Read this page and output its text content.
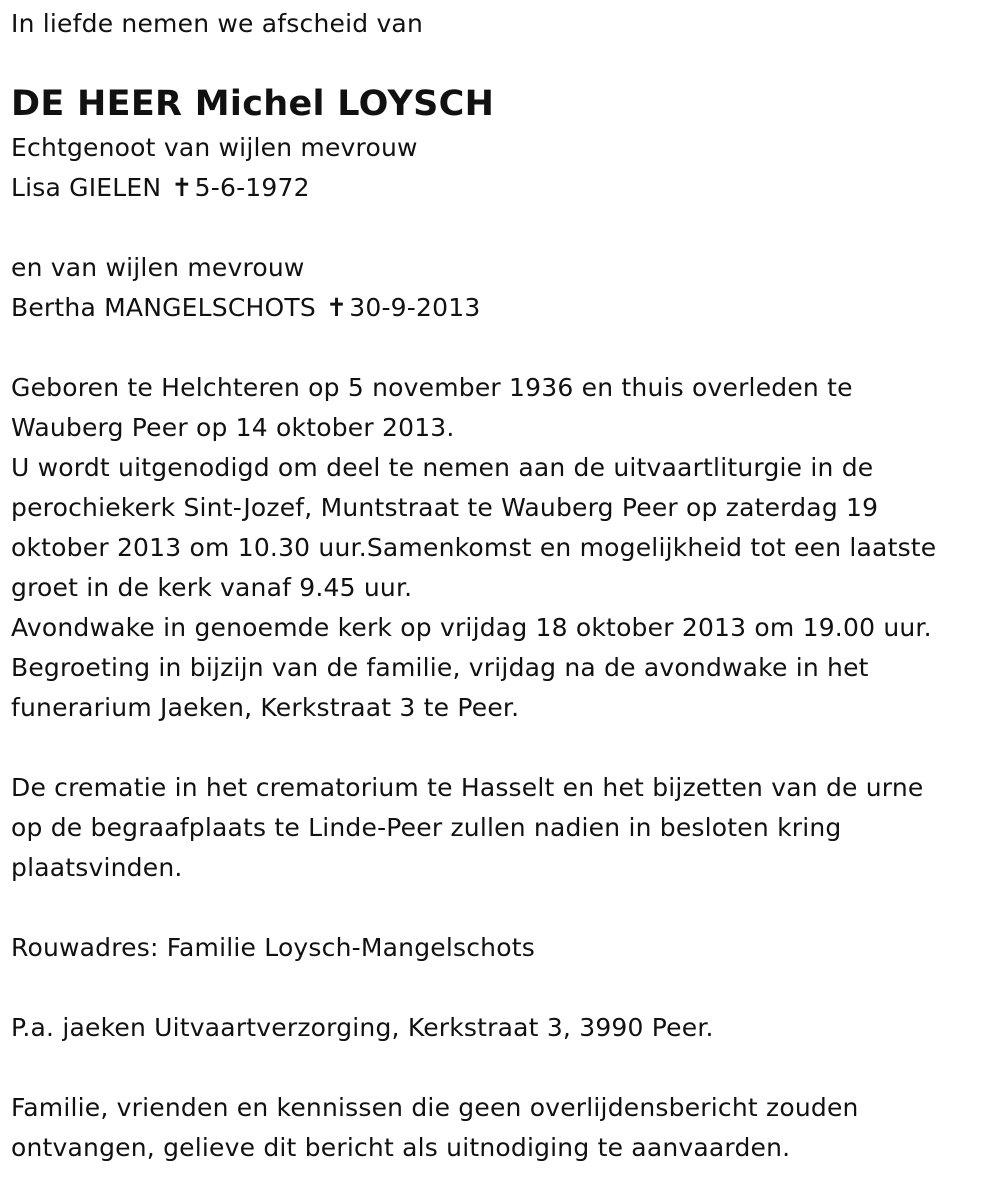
In liefde nemen we afscheid van
DE HEER Michel LOYSCH
Echtgenoot van wijlen mevrouw
Lisa GIELEN ✝5-6-1972
en van wijlen mevrouw
Bertha MANGELSCHOTS ✝30-9-2013
Geboren te Helchteren op 5 november 1936 en thuis overleden te
Wauberg Peer op 14 oktober 2013.
U wordt uitgenodigd om deel te nemen aan de uitvaartliturgie in de
perochiekerk Sint-Jozef, Muntstraat te Wauberg Peer op zaterdag 19
oktober 2013 om 10.30 uur.Samenkomst en mogelijkheid tot een laatste
groet in de kerk vanaf 9.45 uur.
Avondwake in genoemde kerk op vrijdag 18 oktober 2013 om 19.00 uur.
Begroeting in bijzijn van de familie, vrijdag na de avondwake in het
funerarium Jaeken, Kerkstraat 3 te Peer.
De crematie in het crematorium te Hasselt en het bijzetten van de urne
op de begraafplaats te Linde-Peer zullen nadien in besloten kring
plaatsvinden.
Rouwadres: Familie Loysch-Mangelschots
P.a. jaeken Uitvaartverzorging, Kerkstraat 3, 3990 Peer.
Familie, vrienden en kennissen die geen overlijdensbericht zouden
ontvangen, gelieve dit bericht als uitnodiging te aanvaarden.
